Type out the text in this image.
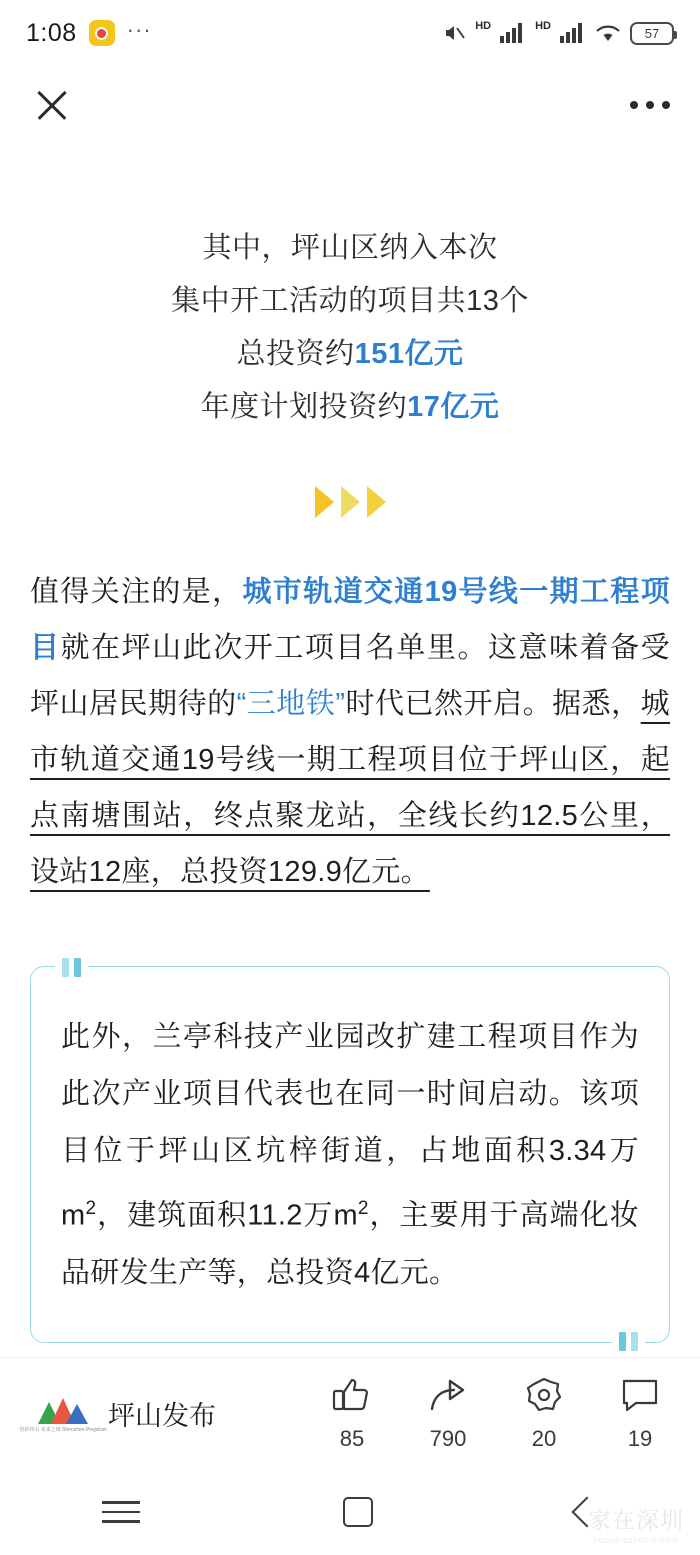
1:08 ···	HD	HD	57
其中，坪山区纳入本次
集中开工活动的项目共13个
总投资约151亿元
年度计划投资约17亿元
值得关注的是，城市轨道交通19号线一期工程项目就在坪山此次开工项目名单里。这意味着备受坪山居民期待的“三地铁”时代已然开启。据悉，城市轨道交通19号线一期工程项目位于坪山区，起点南塘围站，终点聚龙站，全线长约12.5公里，设站12座，总投资129.9亿元。

此外，兰亭科技产业园改扩建工程项目作为此次产业项目代表也在同一时间启动。该项目位于坪山区坑梓街道，占地面积3.34万$m^2$，建筑面积11.2万$m^2$，主要用于高端化妆品研发生产等，总投资4亿元。

创新坪山 未来之城 Shenzhen Pingshan 坪山发布
85	790	20	19
家在深圳
house.szhome.com
